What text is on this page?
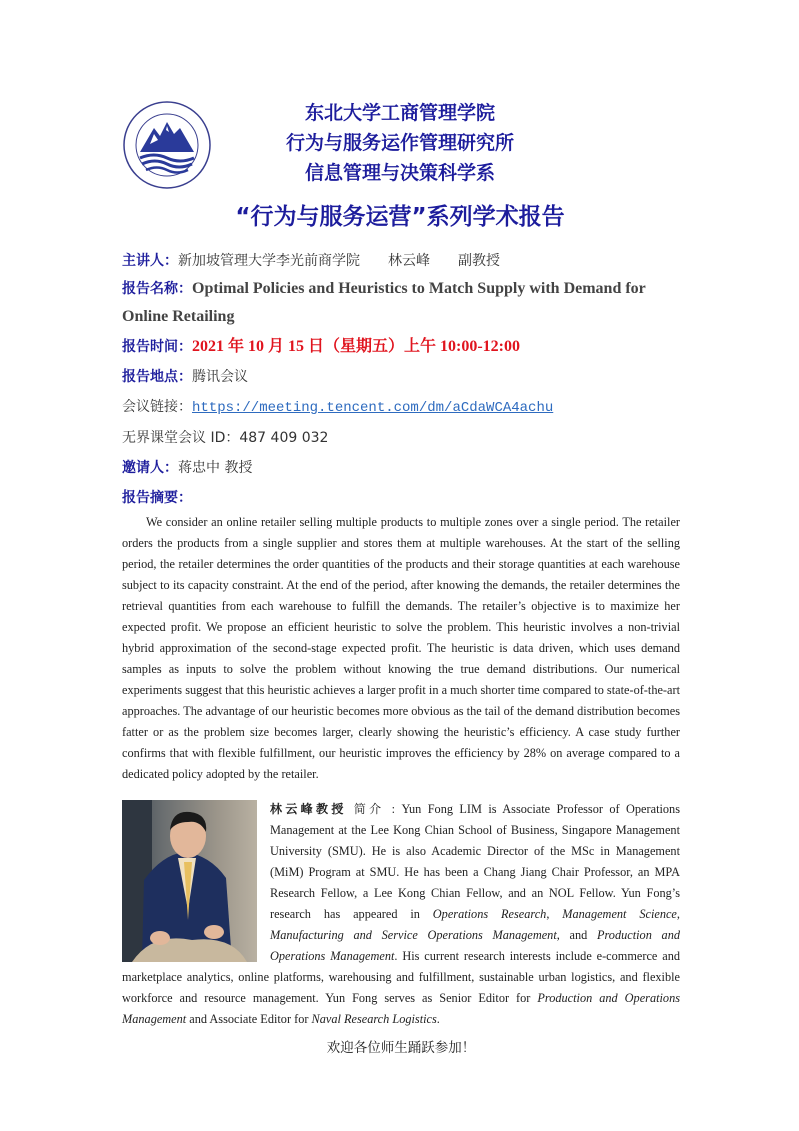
东北大学工商管理学院
行为与服务运作管理研究所
信息管理与决策科学系
“行为与服务运营”系列学术报告
主讲人：新加坡管理大学李光前商学院　　林云峰　　副教授
报告名称：Optimal Policies and Heuristics to Match Supply with Demand for
Online Retailing
报告时间：2021 年 10 月 15 日（星期五）上午 10:00-12:00
报告地点：腾讯会议
会议链接：https://meeting.tencent.com/dm/aCdaWCA4achu
无界课堂会议 ID：487 409 032
邀请人：蒋忠中 教授
报告摘要：
We consider an online retailer selling multiple products to multiple zones over a single period. The retailer orders the products from a single supplier and stores them at multiple warehouses. At the start of the selling period, the retailer determines the order quantities of the products and their storage quantities at each warehouse subject to its capacity constraint. At the end of the period, after knowing the demands, the retailer determines the retrieval quantities from each warehouse to fulfill the demands. The retailer’s objective is to maximize her expected profit. We propose an efficient heuristic to solve the problem. This heuristic involves a non-trivial hybrid approximation of the second-stage expected profit. The heuristic is data driven, which uses demand samples as inputs to solve the problem without knowing the true demand distributions. Our numerical experiments suggest that this heuristic achieves a larger profit in a much shorter time compared to state-of-the-art approaches. The advantage of our heuristic becomes more obvious as the tail of the demand distribution becomes fatter or as the problem size becomes larger, clearly showing the heuristic’s efficiency. A case study further confirms that with flexible fulfillment, our heuristic improves the efficiency by 28% on average compared to a dedicated policy adopted by the retailer.
林云峰教授 简介 : Yun Fong LIM is Associate Professor of Operations Management at the Lee Kong Chian School of Business, Singapore Management University (SMU). He is also Academic Director of the MSc in Management (MiM) Program at SMU. He has been a Chang Jiang Chair Professor, an MPA Research Fellow, a Lee Kong Chian Fellow, and an NOL Fellow. Yun Fong’s research has appeared in Operations Research, Management Science, Manufacturing and Service Operations Management, and Production and Operations Management. His current research interests include e-commerce and marketplace analytics, online platforms, warehousing and fulfillment, sustainable urban logistics, and flexible workforce and resource management. Yun Fong serves as Senior Editor for Production and Operations Management and Associate Editor for Naval Research Logistics.
欢迎各位师生踊跃参加！
